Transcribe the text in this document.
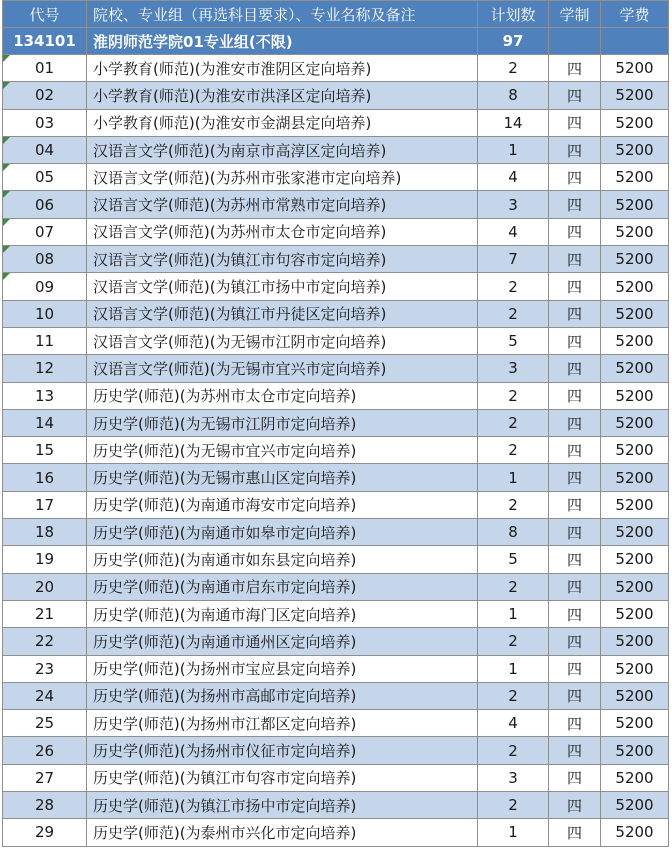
代号	院校、专业组（再选科目要求）、专业名称及备注	计划数	学制	学费
134101	淮阴师范学院01专业组(不限)	97		

01	小学教育(师范)(为淮安市淮阴区定向培养)	2	四	5200

02	小学教育(师范)(为淮安市洪泽区定向培养)	8	四	5200
03	小学教育(师范)(为淮安市金湖县定向培养)	14	四	5200

04	汉语言文学(师范)(为南京市高淳区定向培养)	1	四	5200

05	汉语言文学(师范)(为苏州市张家港市定向培养)	4	四	5200

06	汉语言文学(师范)(为苏州市常熟市定向培养)	3	四	5200

07	汉语言文学(师范)(为苏州市太仓市定向培养)	4	四	5200

08	汉语言文学(师范)(为镇江市句容市定向培养)	7	四	5200

09	汉语言文学(师范)(为镇江市扬中市定向培养)	2	四	5200
10	汉语言文学(师范)(为镇江市丹徒区定向培养)	2	四	5200
11	汉语言文学(师范)(为无锡市江阴市定向培养)	5	四	5200
12	汉语言文学(师范)(为无锡市宜兴市定向培养)	3	四	5200
13	历史学(师范)(为苏州市太仓市定向培养)	2	四	5200
14	历史学(师范)(为无锡市江阴市定向培养)	2	四	5200
15	历史学(师范)(为无锡市宜兴市定向培养)	2	四	5200
16	历史学(师范)(为无锡市惠山区定向培养)	1	四	5200
17	历史学(师范)(为南通市海安市定向培养)	2	四	5200
18	历史学(师范)(为南通市如皋市定向培养)	8	四	5200
19	历史学(师范)(为南通市如东县定向培养)	5	四	5200
20	历史学(师范)(为南通市启东市定向培养)	2	四	5200
21	历史学(师范)(为南通市海门区定向培养)	1	四	5200
22	历史学(师范)(为南通市通州区定向培养)	2	四	5200
23	历史学(师范)(为扬州市宝应县定向培养)	1	四	5200
24	历史学(师范)(为扬州市高邮市定向培养)	2	四	5200
25	历史学(师范)(为扬州市江都区定向培养)	4	四	5200
26	历史学(师范)(为扬州市仪征市定向培养)	2	四	5200
27	历史学(师范)(为镇江市句容市定向培养)	3	四	5200
28	历史学(师范)(为镇江市扬中市定向培养)	2	四	5200
29	历史学(师范)(为泰州市兴化市定向培养)	1	四	5200
